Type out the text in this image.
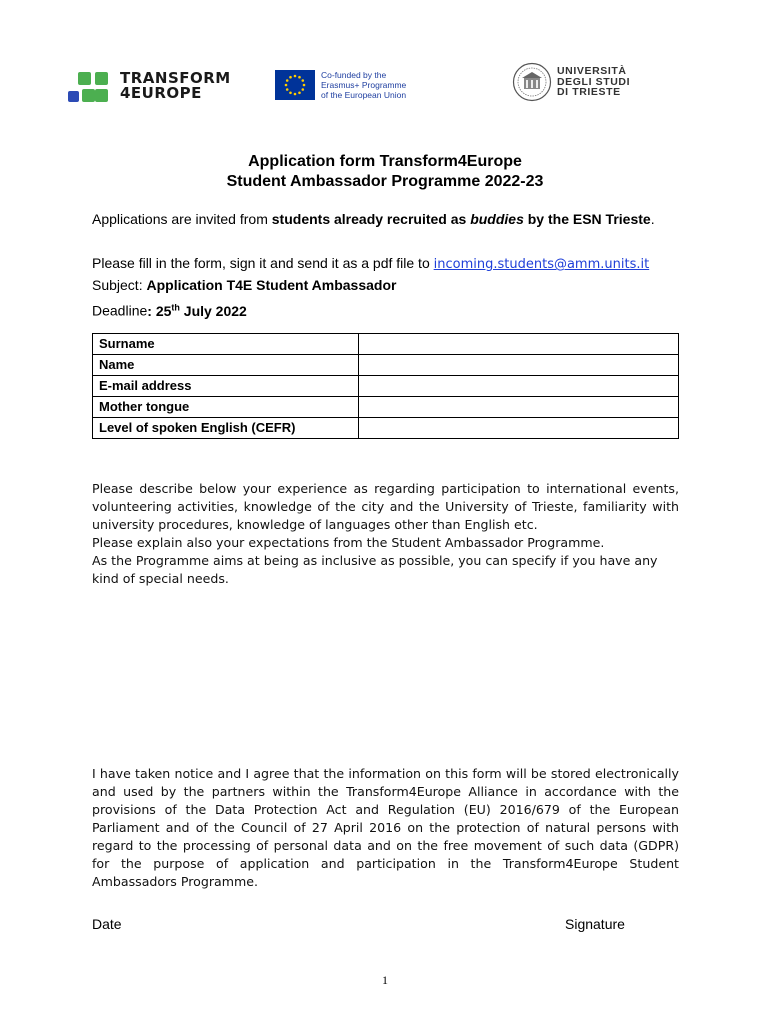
TRANSFORM
4EUROPE
Co-funded by the
Erasmus+ Programme
of the European Union
UNIVERSITÀ
DEGLI STUDI
DI TRIESTE
Application form Transform4Europe
Student Ambassador Programme 2022-23
Applications are invited from students already recruited as buddies by the ESN Trieste.
Please fill in the form, sign it and send it as a pdf file to incoming.students@amm.units.it
Subject: Application T4E Student Ambassador
Deadline: 25th July 2022
Surname	
Name	
E-mail address	
Mother tongue	
Level of spoken English (CEFR)	
Please describe below your experience as regarding participation to international events, volunteering activities, knowledge of the city and the University of Trieste, familiarity with university procedures, knowledge of languages other than English etc.
Please explain also your expectations from the Student Ambassador Programme.
As the Programme aims at being as inclusive as possible, you can specify if you have any kind of special needs.
I have taken notice and I agree that the information on this form will be stored electronically and used by the partners within the Transform4Europe Alliance in accordance with the provisions of the Data Protection Act and Regulation (EU) 2016/679 of the European Parliament and of the Council of 27 April 2016 on the protection of natural persons with regard to the processing of personal data and on the free movement of such data (GDPR) for the purpose of application and participation in the Transform4Europe Student Ambassadors Programme.
Date	Signature
1
